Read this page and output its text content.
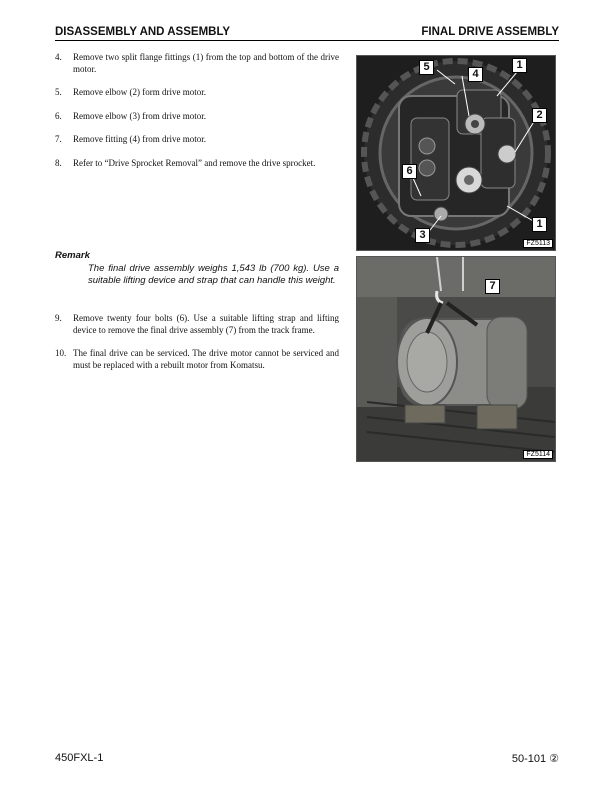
DISASSEMBLY AND ASSEMBLY	FINAL DRIVE ASSEMBLY
4. Remove two split flange fittings (1) from the top and bottom of the drive motor.
5. Remove elbow (2) form drive motor.
6. Remove elbow (3) from drive motor.
7. Remove fitting (4) from drive motor.
8. Refer to “Drive Sprocket Removal” and remove the drive sprocket.
Remark
The final drive assembly weighs 1,543 lb (700 kg). Use a suitable lifting device and strap that can handle this weight.
9. Remove twenty four bolts (6). Use a suitable lifting strap and lifting device to remove the final drive assembly (7) from the track frame.
10. The final drive can be serviced. The drive motor cannot be serviced and must be replaced with a rebuilt motor from Komatsu.
5
4
1
2
6
3
1
FZ5113
7
FZ5114
450FXL-1	50-101 ②
